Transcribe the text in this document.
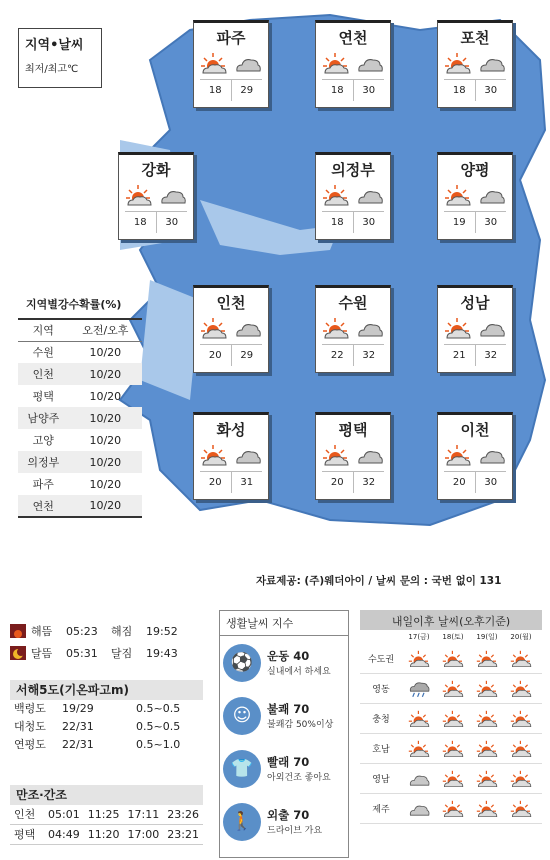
지역•날씨
최저/최고℃
파주
18	29
연천
18	30
포천
18	30
강화
18	30
의정부
18	30
양평
19	30
인천
20	29
수원
22	32
성남
21	32
화성
20	31
평택
20	32
이천
20	30
지역별강수확률(%)
지역	오전/오후
수원	10/20
인천	10/20
평택	10/20
남양주	10/20
고양	10/20
의정부	10/20
파주	10/20
연천	10/20
자료제공: (주)웨더아이 / 날씨 문의 : 국번 없이 131
해뜸	05:23	해짐	19:52
달뜸	05:31	달짐	19:43
서해5도(기온파고m)
백령도	19/29	0.5~0.5
대청도	22/31	0.5~0.5
연평도	22/31	0.5~1.0
만조·간조
인천	05:01 11:25 17:11 23:26
평택	04:49 11:20 17:00 23:21
생활날씨 지수
⚽	운동 40
실내에서 하세요
☺	불쾌 70
불쾌감 50%이상
👕	빨래 70
아외건조 좋아요
🚶	외출 70
드라이브 가요
내일이후 날씨(오후기준)
17(금)	18(토)	19(일)	20(월)
수도권
영동
충청
호남
영남
제주
